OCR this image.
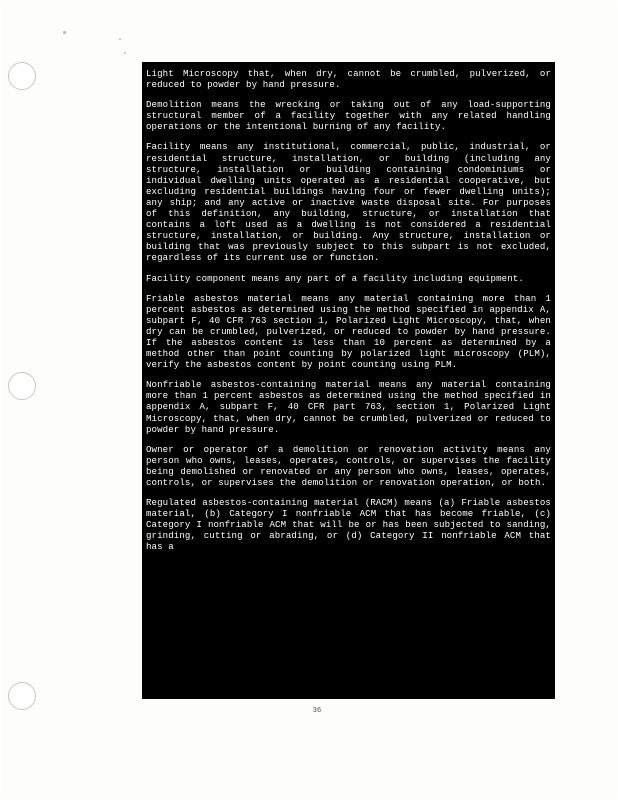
Light Microscopy that, when dry, cannot be crumbled, pulverized, or reduced to powder by hand pressure.

Demolition means the wrecking or taking out of any load-supporting structural member of a facility together with any related handling operations or the intentional burning of any facility.

Facility means any institutional, commercial, public, industrial, or residential structure, installation, or building (including any structure, installation or building containing condominiums or individual dwelling units operated as a residential cooperative, but excluding residential buildings having four or fewer dwelling units); any ship; and any active or inactive waste disposal site. For purposes of this definition, any building, structure, or installation that contains a loft used as a dwelling is not considered a residential structure, installation, or building. Any structure, installation or building that was previously subject to this subpart is not excluded, regardless of its current use or function.

Facility component means any part of a facility including equipment.

Friable asbestos material means any material containing more than 1 percent asbestos as determined using the method specified in appendix A, subpart F, 40 CFR 763 section 1, Polarized Light Microscopy, that, when dry can be crumbled, pulverized, or reduced to powder by hand pressure. If the asbestos content is less than 10 percent as determined by a method other than point counting by polarized light microscopy (PLM), verify the asbestos content by point counting using PLM.

Nonfriable asbestos-containing material means any material containing more than 1 percent asbestos as determined using the method specified in appendix A, subpart F, 40 CFR part 763, section 1, Polarized Light Microscopy, that, when dry, cannot be crumbled, pulverized or reduced to powder by hand pressure.

Owner or operator of a demolition or renovation activity means any person who owns, leases, operates, controls, or supervises the facility being demolished or renovated or any person who owns, leases, operates, controls, or supervises the demolition or renovation operation, or both.

Regulated asbestos-containing material (RACM) means (a) Friable asbestos material, (b) Category I nonfriable ACM that has become friable, (c) Category I nonfriable ACM that will be or has been subjected to sanding, grinding, cutting or abrading, or (d) Category II nonfriable ACM that has a

36
